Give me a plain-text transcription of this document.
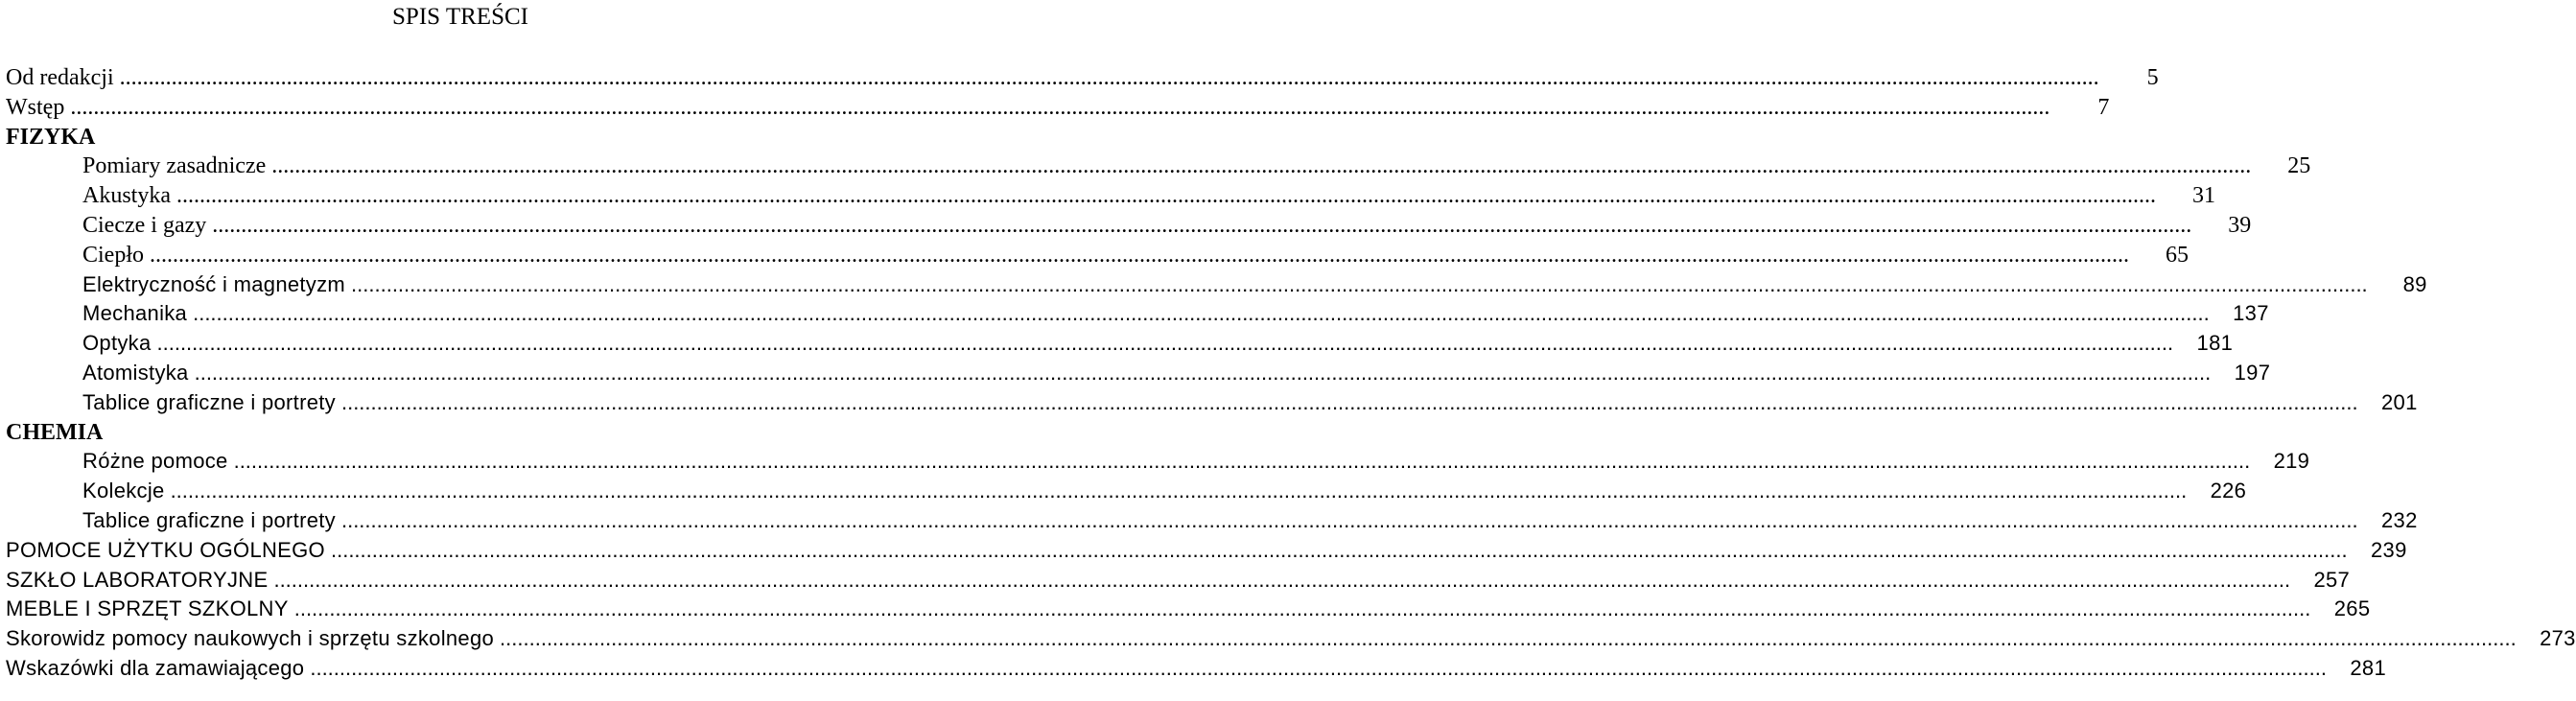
SPIS TREŚCI
Od redakcji .....	5
Wstęp .....	7
FIZYKA
Pomiary zasadnicze .....	25
Akustyka .....	31
Ciecze i gazy .....	39
Ciepło .....	65
Elektryczność i magnetyzm .....	89
Mechanika .....	137
Optyka .....	181
Atomistyka .....	197
Tablice graficzne i portrety .....	201
CHEMIA
Różne pomoce .....	219
Kolekcje .....	226
Tablice graficzne i portrety .....	232
POMOCE UŻYTKU OGÓLNEGO .....	239
SZKŁO LABORATORYJNE .....	257
MEBLE I SPRZĘT SZKOLNY .....	265
Skorowidz pomocy naukowych i sprzętu szkolnego .....	273
Wskazówki dla zamawiającego .....	281
